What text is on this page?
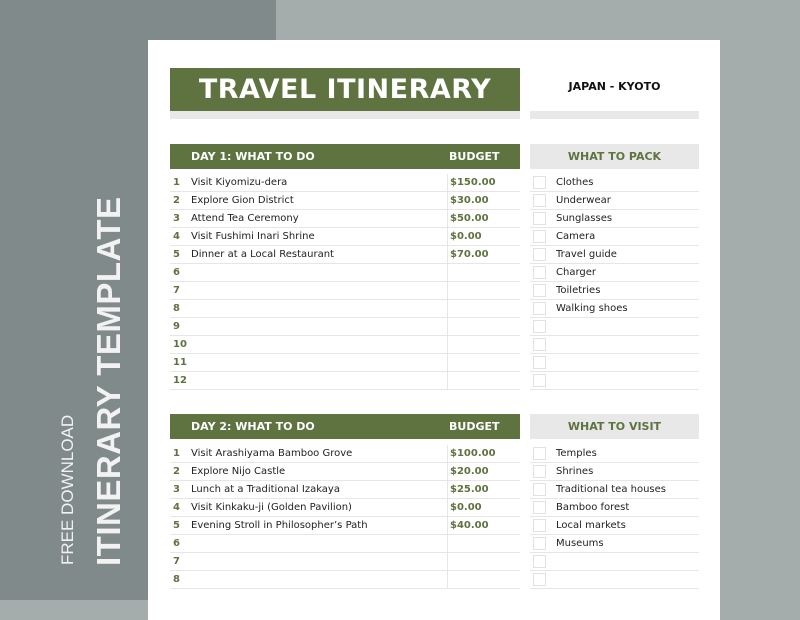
FREE DOWNLOAD ITINERARY TEMPLATE
TRAVEL ITINERARY	JAPAN - KYOTO
DAY 1: WHAT TO DO	BUDGET
1 Visit Kiyomizu-dera	$150.00
2 Explore Gion District	$30.00
3 Attend Tea Ceremony	$50.00
4 Visit Fushimi Inari Shrine	$0.00
5 Dinner at a Local Restaurant	$70.00
6
7
8
9
10
11
12
WHAT TO PACK
Clothes
Underwear
Sunglasses
Camera
Travel guide
Charger
Toiletries
Walking shoes
DAY 2: WHAT TO DO	BUDGET
1 Visit Arashiyama Bamboo Grove	$100.00
2 Explore Nijo Castle	$20.00
3 Lunch at a Traditional Izakaya	$25.00
4 Visit Kinkaku-ji (Golden Pavilion)	$0.00
5 Evening Stroll in Philosopher’s Path	$40.00
6
7
8
WHAT TO VISIT
Temples
Shrines
Traditional tea houses
Bamboo forest
Local markets
Museums
